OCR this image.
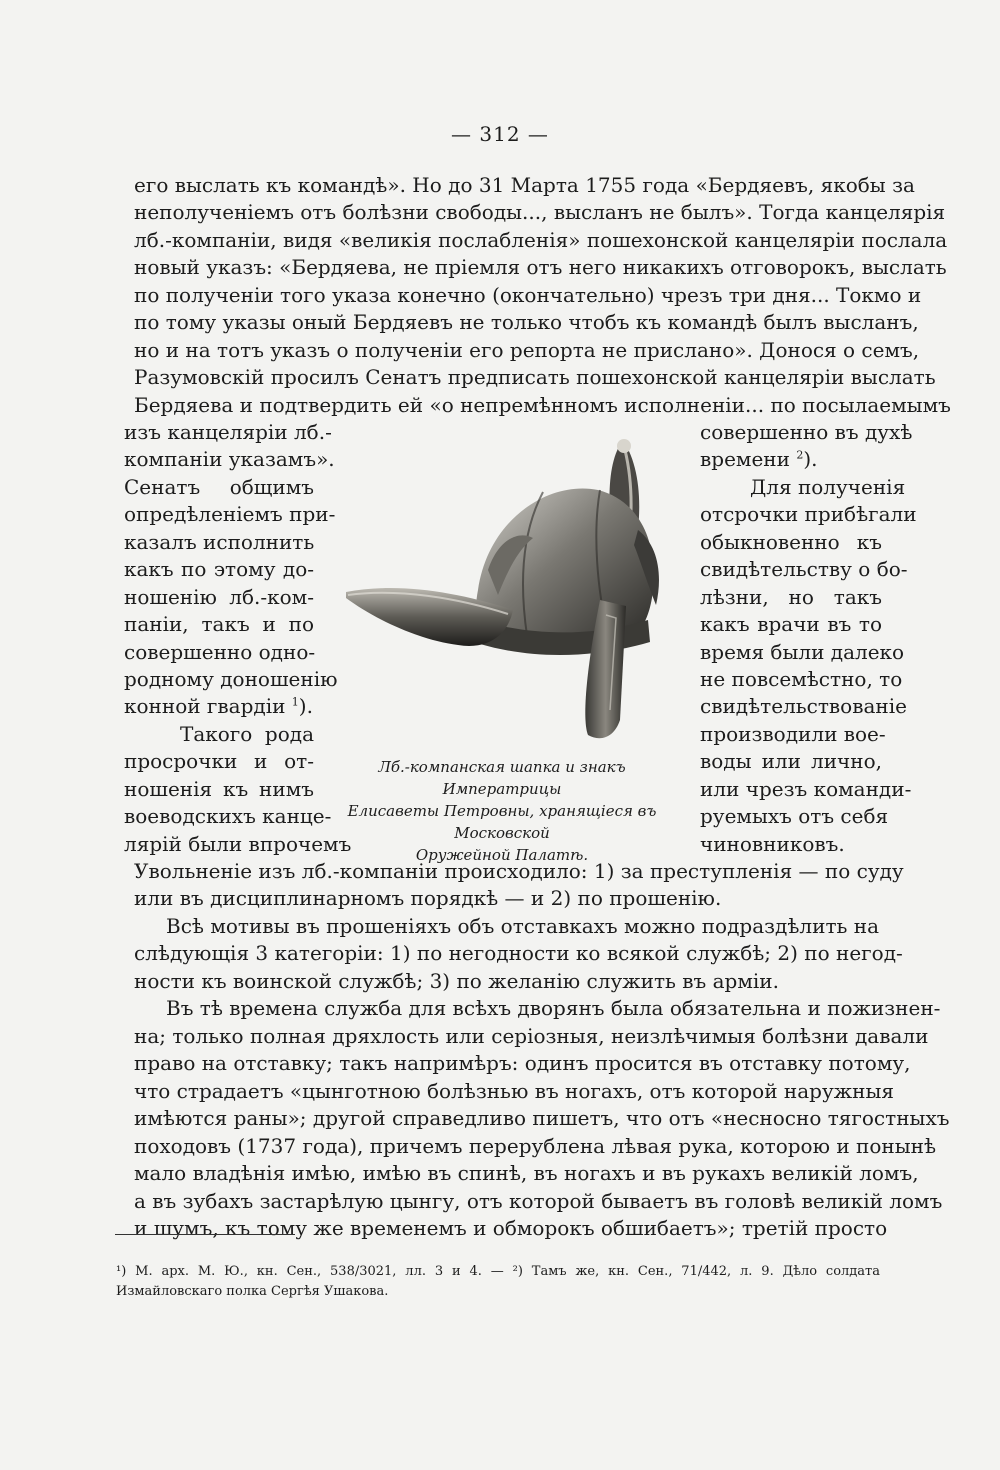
— 312 —
его выслать къ командѣ». Но до 31 Марта 1755 года «Бердяевъ, якобы за
неполученіемъ отъ болѣзни свободы..., высланъ не былъ». Тогда канцелярія
лб.-компаніи, видя «великія послабленія» пошехонской канцеляріи послала
новый указъ: «Бердяева, не пріемля отъ него никакихъ отговорокъ, выслать
по полученіи того указа конечно (окончательно) чрезъ три дня... Токмо и
по тому указы оный Бердяевъ не только чтобъ къ командѣ былъ высланъ,
но и на тотъ указъ о полученіи его репорта не прислано». Донося о семъ,
Разумовскій просилъ Сенатъ предписать пошехонской канцеляріи выслать
Бердяева и подтвердить ей «о непремѣнномъ исполненіи... по посылаемымъ
изъ канцеляріи лб.-
компаніи указамъ».
Сенатъ общимъ
опредѣленіемъ при-
казалъ исполнить
какъ по этому до-
ношенію лб.-ком-
паніи, такъ и по
совершенно одно-
родному доношенію
конной гвардіи $^1$).
Такого рода
просрочки и от-
ношенія къ нимъ
воеводскихъ канце-
лярій были впрочемъ
совершенно въ духѣ
времени $^2$).
Для полученія
отсрочки прибѣгали
обыкновенно къ
свидѣтельству о бо-
лѣзни, но такъ
какъ врачи въ то
время были далеко
не повсемѣстно, то
свидѣтельствованіе
производили вое-
воды или лично,
или чрезъ команди-
руемыхъ отъ себя
чиновниковъ.
Лб.-компанская шапка и знакъ Императрицы
Елисаветы Петровны, хранящіеся въ Московской
Оружейной Палатѣ.
Увольненіе изъ лб.-компаніи происходило: 1) за преступленія — по суду
или въ дисциплинарномъ порядкѣ — и 2) по прошенію.
Всѣ мотивы въ прошеніяхъ объ отставкахъ можно подраздѣлить на
слѣдующія 3 категоріи: 1) по негодности ко всякой службѣ; 2) по негод-
ности къ воинской службѣ; 3) по желанію служить въ арміи.
Въ тѣ времена служба для всѣхъ дворянъ была обязательна и пожизнен-
на; только полная дряхлость или серіозныя, неизлѣчимыя болѣзни давали
право на отставку; такъ напримѣръ: одинъ просится въ отставку потому,
что страдаетъ «цынготною болѣзнью въ ногахъ, отъ которой наружныя
имѣются раны»; другой справедливо пишетъ, что отъ «несносно тягостныхъ
походовъ (1737 года), причемъ перерублена лѣвая рука, которою и понынѣ
мало владѣнія имѣю, имѣю въ спинѣ, въ ногахъ и въ рукахъ великій ломъ,
а въ зубахъ застарѣлую цынгу, отъ которой бываетъ въ головѣ великій ломъ
и шумъ, къ тому же временемъ и обморокъ обшибаетъ»; третій просто
¹) М. арх. М. Ю., кн. Сен., 538/3021, лл. 3 и 4. — ²) Тамъ же, кн. Сен., 71/442, л. 9. Дѣло солдата
Измайловскаго полка Сергѣя Ушакова.
